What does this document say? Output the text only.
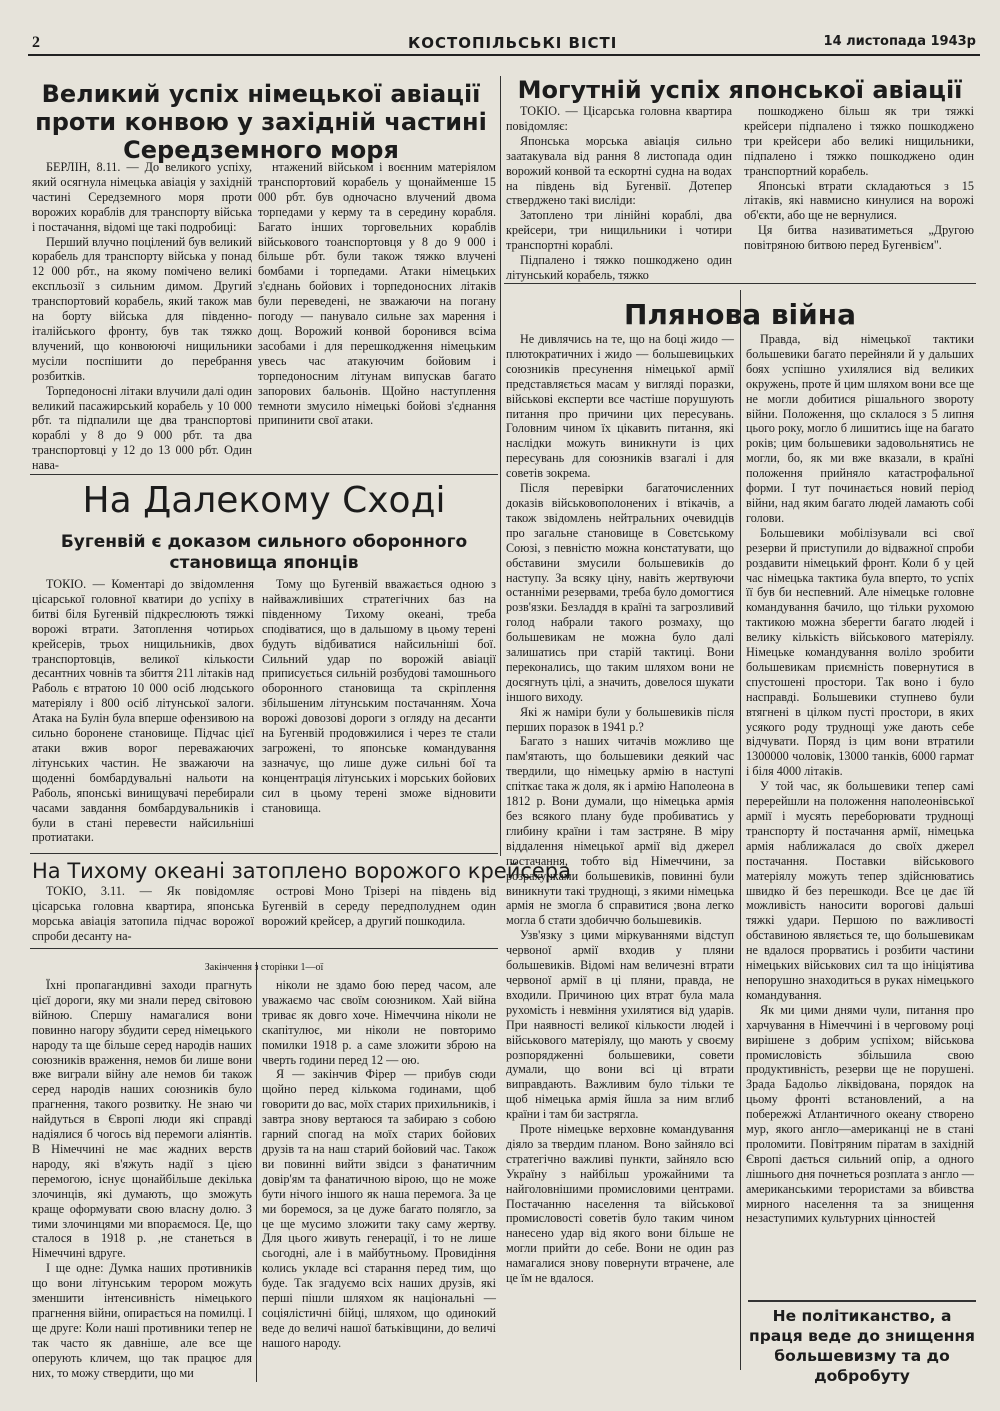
2	КОСТОПІЛЬСЬКІ ВІСТІ	14 листопада 1943р
Великий успіх німецької авіації проти конвою у західній частині Середземного моря

БЕРЛІН, 8.11. — До великого успіху, який осягнула німецька авіація у західній частині Середземного моря проти ворожих кораблів для транспорту війська і постачання, відомі ще такі подробиці:

Перший влучно поцілений був великий корабель для транспорту війська у понад 12 000 рбт., на якому помічено великі експльозії з сильним димом. Другий транспортовий корабель, який також мав на борту війська для південно-італійського фронту, був так тяжко влучений, що конвоюючі нищильники мусіли поспішити до перебрання розбитків.

Торпедоносні літаки влучили далі один великий пасажирський корабель у 10 000 рбт. та підпалили ще два транспортові кораблі у 8 до 9 000 рбт. та два транспортовці у 12 до 13 000 рбт. Один нава-

нтажений військом і воєнним матеріялом транспортовий корабель у щонайменше 15 000 рбт. був одночасно влучений двома торпедами у керму та в середину корабля. Багато інших торговельних кораблів військового тоанспортовця у 8 до 9 000 і більше рбт. були також тяжко влучені бомбами і торпедами. Атаки німецьких з'єднань бойових і торпедоносних літаків були переведені, не зважаючи на погану погоду — панувало сильне зах марення і дощ. Ворожий конвой боронився всіма засобами і для перешкодження німецьким увесь час атакуючим бойовим і торпедоносним літунам випускав багато запорових бальонів. Щойно наступлення темноти змусило німецькі бойові з'єднання припинити свої атаки.

Могутній успіх японської авіації

ТОКІО. — Цісарська головна квартира повідомляє:

Японська морська авіація сильно заатакувала від рання 8 листопада один ворожий конвой та ескортні судна на водах на південь від Бугенвії. Дотепер стверджено такі висліди:

Затоплено три лінійні кораблі, два крейсери, три нищильники і чотири транспортні кораблі.

Підпалено і тяжко пошкоджено один літунський корабель, тяжко

пошкоджено більш як три тяжкі крейсери підпалено і тяжко пошкоджено три крейсери або великі нищильники, підпалено і тяжко пошкоджено один транспортний корабель.

Японські втрати складаються з 15 літаків, які навмисно кинулися на ворожі об'єкти, або ще не вернулися.

Ця битва називатиметься „Другою повітряною битвою перед Бугенвієм".

На Далекому Сході
Бугенвій є доказом сильного оборонного становища японців

ТОКІО. — Коментарі до звідомлення цісарської головної кватири до успіху в битві біля Бугенвій підкреслюють тяжкі ворожі втрати. Затоплення чотирьох крейсерів, трьох нищильників, двох транспортовців, великої кількости десантних човнів та збиття 211 літаків над Раболь є втратою 10 000 осіб людського матеріялу і 800 осіб літунської залоги. Атака на Булін була вперше офензивою на сильно боронене становище. Підчас цієї атаки вжив ворог переважаючих літунських частин. Не зважаючи на щоденні бомбардувальні нальоти на Раболь, японські винищувачі перебирали часами завдання бомбардувальників і були в стані перевести найсильніші протиатаки.

Тому що Бугенвій вважається одною з найважливіших стратегічних баз на південному Тихому океані, треба сподіватися, що в дальшому в цьому терені будуть відбиватися найсильніші бої. Сильний удар по ворожій авіації приписується сильній розбудові тамошнього оборонного становища та скріплення збільшеним літунським постачанням. Хоча ворожі довозові дороги з огляду на десанти на Бугенвій продовжилися і через те стали загрожені, то японське командування зазначує, що лише дуже сильні бої та концентрація літунських і морських бойових сил в цьому терені зможе відновити становища.

На Тихому океані затоплено ворожого крейсера

ТОКІО, 3.11. — Як повідомляє цісарська головна квартира, японська морська авіація затопила підчас ворожої спроби десанту на-

острові Моно Трізері на південь від Бугенвій в середу передполуднем один ворожий крейсер, а другий пошкодила.

Закінчення з сторінки 1—ої

Їхні пропагандивні заходи прагнуть цієї дороги, яку ми знали перед світовою війною. Спершу намагалися вони повинно нагору збудити серед німецького народу та ще більше серед народів наших союзників враження, немов би лише вони вже виграли війну але немов би також серед народів наших союзників було прагнення, такого розвитку. Не знаю чи найдуться в Європі люди які справді надіялися б чогось від перемоги аліянтів. В Німеччині не має жадних верств народу, які в'яжуть надії з цією перемогою, існує щонайбільше декілька злочинців, які думають, що зможуть краще оформувати свою власну долю. З тими злочинцями ми впораємося. Це, що сталося в 1918 р. ,не станеться в Німеччині вдруге.

І ще одне: Думка наших противників що вони літунським терором можуть зменшити інтенсивність німецького прагнення війни, опирається на помилці. І ще друге: Коли наші противники тепер не так часто як давніше, але все ще оперують кличем, що так працює для них, то можу ствердити, що ми

ніколи не здамо бою перед часом, але уважаємо час своїм союзником. Хай війна триває як довго хоче. Німеччина ніколи не скапітулює, ми ніколи не повторимо помилки 1918 р. а саме зложити зброю на чверть години перед 12 — ою.

Я — закінчив Фірер — прибув сюди щойно перед кількома годинами, щоб говорити до вас, моїх старих прихильників, і завтра знову вертаюся та забираю з собою гарний спогад на моїх старих бойових друзів та на наш старий бойовий час. Також ви повинні вийти звідси з фанатичним довір'ям та фанатичною вірою, що не може бути нічого іншого як наша перемога. За це ми боремося, за це дуже багато полягло, за це ще мусимо зложити таку саму жертву. Для цього живуть генерації, і то не лише сьогодні, але і в майбутньому. Провидіння колись укладе всі старання перед тим, що буде. Так згадуємо всіх наших друзів, які перші пішли шляхом як національні — соціялістичні бійці, шляхом, що одинокий веде до величі нашої батьківщини, до величі нашого народу.

Плянова війна

Не дивлячись на те, що на боці жидо — плютократичних і жидо — большевицьких союзників пресунення німецької армії представляється масам у вигляді поразки, військові експерти все частіше порушують питання про причини цих пересувань. Головним чином їх цікавить питання, які наслідки можуть виникнути із цих пересувань для союзників взагалі і для советів зокрема.

Після перевірки багаточисленних доказів військовополонених і втікачів, а також звідомлень нейтральних очевидців про загальне становище в Совєтському Союзі, з певністю можна констатувати, що обставини змусили большевиків до наступу. За всяку ціну, навіть жертвуючи останніми резервами, треба було домогтися розв'язки. Безладдя в країні та загрозливий голод набрали такого розмаху, що большевикам не можна було далі залишатись при старій тактиці. Вони переконались, що таким шляхом вони не досягнуть цілі, а значить, довелося шукати іншого виходу.

Які ж наміри були у большевиків після перших поразок в 1941 р.?

Багато з наших читачів можливо ще пам'ятають, що большевики деякий час твердили, що німецьку армію в наступі спіткає така ж доля, як і армію Наполеона в 1812 р. Вони думали, що німецька армія без всякого плану буде пробиватись у глибину країни і там застряне. В міру віддалення німецької армії від джерел постачання, тобто від Німеччини, за розрахунками большевиків, повинні були виникнути такі труднощі, з якими німецька армія не змогла б справитися ;вона легко могла б стати здобиччю большевиків.

Узв'язку з цими міркуваннями відступ червоної армії входив у пляни большевиків. Відомі нам величезні втрати червоної армії в ці пляни, правда, не входили. Причиною цих втрат була мала рухомість і невміння ухилятися від ударів. При наявності великої кількости людей і військового матеріялу, що мають у своєму розпорядженні большевики, совети думали, що вони всі ці втрати виправдають. Важливим було тільки те щоб німецька армія йшла за ним вглиб країни і там би застрягла.

Проте німецьке верховне командування діяло за твердим планом. Воно зайняло всі стратегічно важливі пункти, зайняло всю Україну з найбільш урожайними та найголовнішими промисловими центрами. Постачанню населення та військової промисловості советів було таким чином нанесено удар від якого вони більше не могли прийти до себе. Вони не один раз намагалися знову повернути втрачене, але це їм не вдалося.

Правда, від німецької тактики большевики багато перейняли й у дальших боях успішно ухилялися від великих окружень, проте й цим шляхом вони все ще не могли добитися рішального звороту війни. Положення, що склалося з 5 липня цього року, могло б лишитись іще на багато років; цим большевики задовольнятись не могли, бо, як ми вже вказали, в країні положення прийняло катастрофальної форми. І тут починається новий період війни, над яким багато людей ламають собі голови.

Большевики мобілізували всі свої резерви й приступили до відважної спроби роздавити німецький фронт. Коли б у цей час німецька тактика була вперто, то успіх її був би неспевний. Але німецьке головне командування бачило, що тільки рухомою тактикою можна зберегти багато людей і велику кількість військового матеріялу. Німецьке командування воліло зробити большевикам приємність повернутися в спустошені простори. Так воно і було насправді. Большевики ступнево були втягнені в цілком пусті простори, в яких усякого роду труднощі уже дають себе відчувати. Поряд із цим вони втратили 1300000 чоловік, 13000 танків, 6000 гармат і біля 4000 літаків.

У той час, як большевики тепер самі перерейшли на положення наполеонівської армії і мусять переборювати труднощі транспорту й постачання армії, німецька армія наближалася до своїх джерел постачання. Поставки військового матеріялу можуть тепер здійснюватись швидко й без перешкоди. Все це дає їй можливість наносити ворогові дальші тяжкі удари. Першою по важливості обставиною являється те, що большевикам не вдалося прорватись і розбити частини німецьких військових сил та що ініціятива непорушно знаходиться в руках німецького командування.

Як ми цими днями чули, питання про харчування в Німеччині і в черговому році вирішене з добрим успіхом; військова промисловість збільшила свою продуктивність, резерви ще не порушені. Зрада Бадольо ліквідована, порядок на цьому фронті встановлений, а на побережжі Атлантичного океану створено мур, якого англо—американці не в стані проломити. Повітряним піратам в західній Європі дається сильний опір, а одного лішнього дня почнеться розплата з англо — американськими терористами за вбивства мирного населення та за знищення незаступимих культурних цінностей

Не політиканство, а праця веде до знищення большевизму та до добробуту
